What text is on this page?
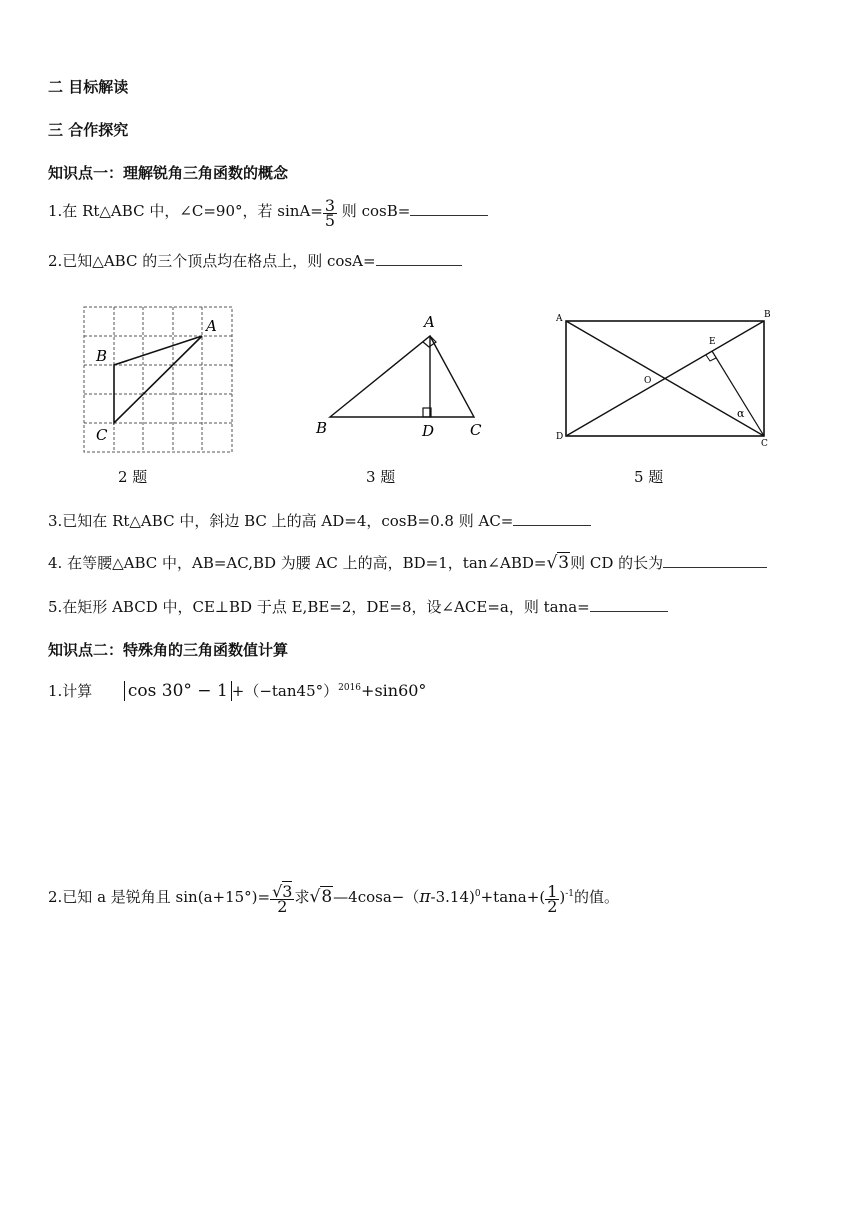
二 目标解读
三 合作探究
知识点一：理解锐角三角函数的概念
1.在 Rt△ABC 中，∠C=90°，若 $\sin A= \frac{3}{5}$ 则 cosB=
2.已知△ABC 的三个顶点均在格点上，则 cosA=
A
B
C
A
B	D C
A	B
D
C
E
O
α
2 题	3 题	5 题
3.已知在 Rt△ABC 中，斜边 BC 上的高 AD=4，cosB=0.8 则 AC=
4. 在等腰△ABC 中，AB=AC,BD 为腰 AC 上的高，BD=1，tan∠ABD=√3则 CD 的长为
5.在矩形 ABCD 中，CE⊥BD 于点 E,BE=2，DE=8，设∠ACE=a，则 tana=
知识点二：特殊角的三角函数值计算
1.计算 $\cos 30^\circ - 1 +(-\tan 45^\circ)^{2016}+\sin 60^\circ$
2.已知 a 是锐角且 $\sin(a+15^\circ)= \frac{√3}{2}$ 求√8—4cosa−（π-3.14)$^0$+tana+( $\frac{1}{2} )^{-1}$的值。
